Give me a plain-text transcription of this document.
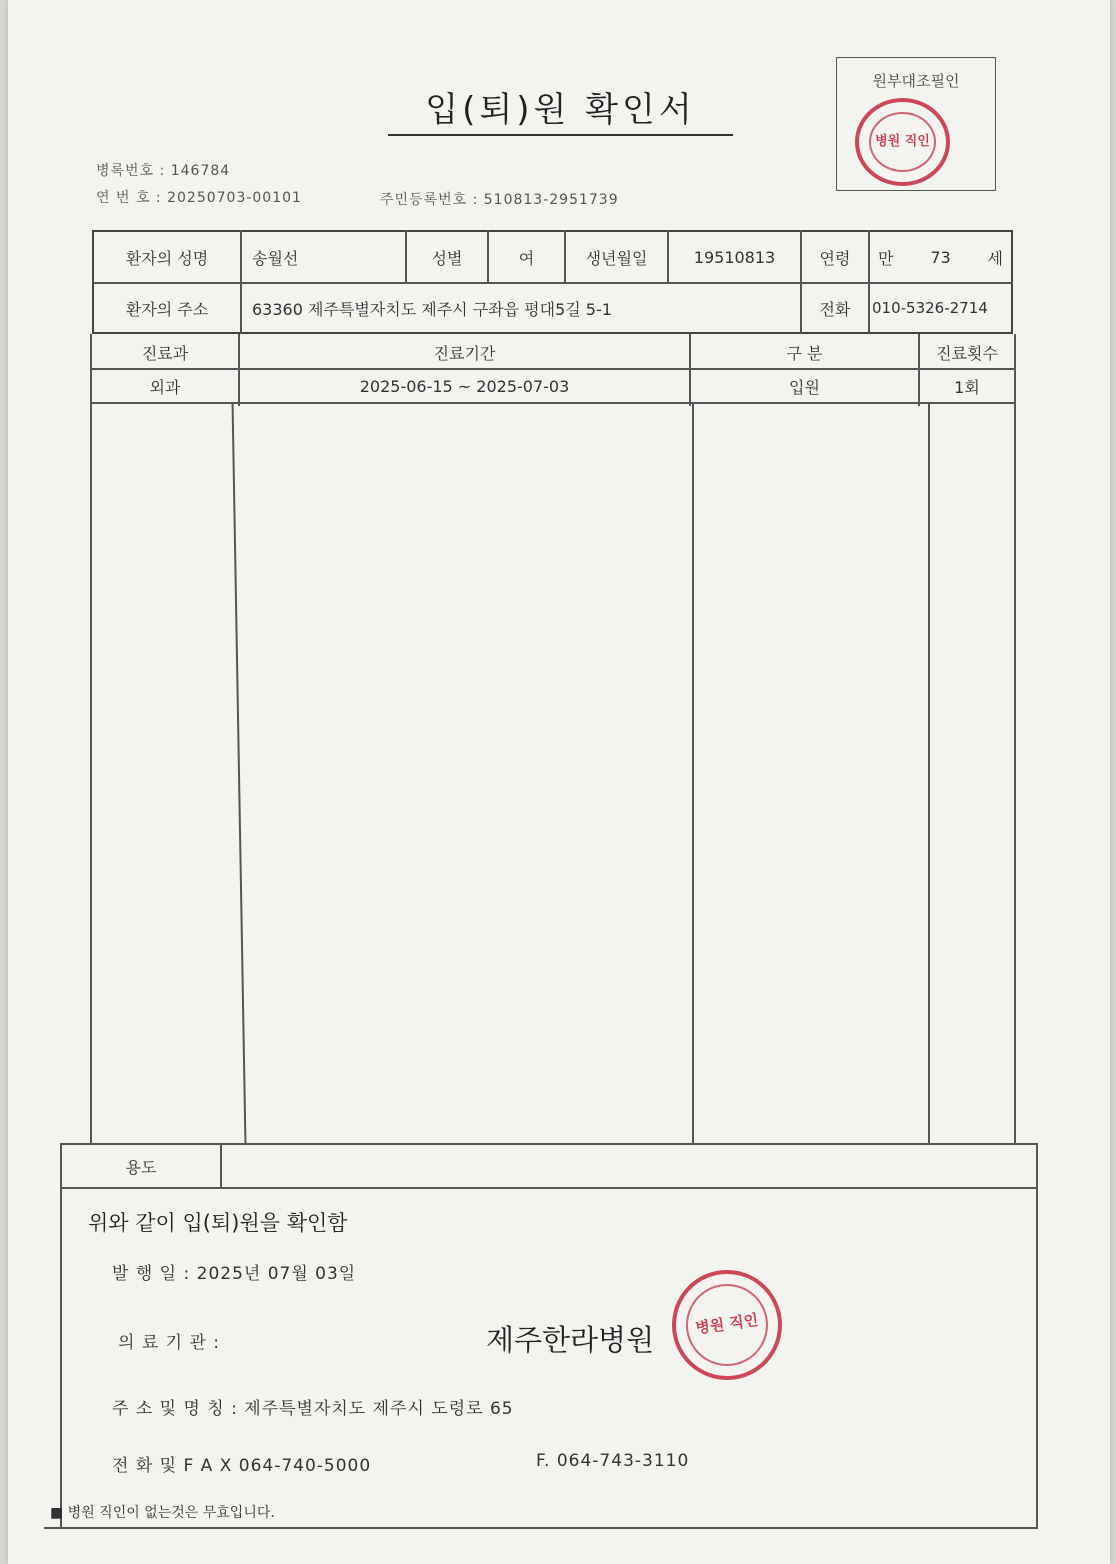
입(퇴)원 확인서
원부대조필인
병원 직인
병록번호 : 146784
연 번 호 : 20250703-00101	주민등록번호 : 510813-2951739
환자의 성명	송월선	성별	여	생년월일	19510813	연령	만 73 세
환자의 주소	63360 제주특별자치도 제주시 구좌읍 평대5길 5-1	전화	010-5326-2714
진료과	진료기간	구 분	진료횟수
외과	2025-06-15 ~ 2025-07-03	입원	1회
용도
위와 같이 입(퇴)원을 확인함
발 행 일 : 2025년 07월 03일
의 료 기 관 :	제주한라병원	병원 직인
주 소 및 명 칭 : 제주특별자치도 제주시 도령로 65
전 화 및 F A X 064-740-5000	F. 064-743-3110
■ 병원 직인이 없는것은 무효입니다.
